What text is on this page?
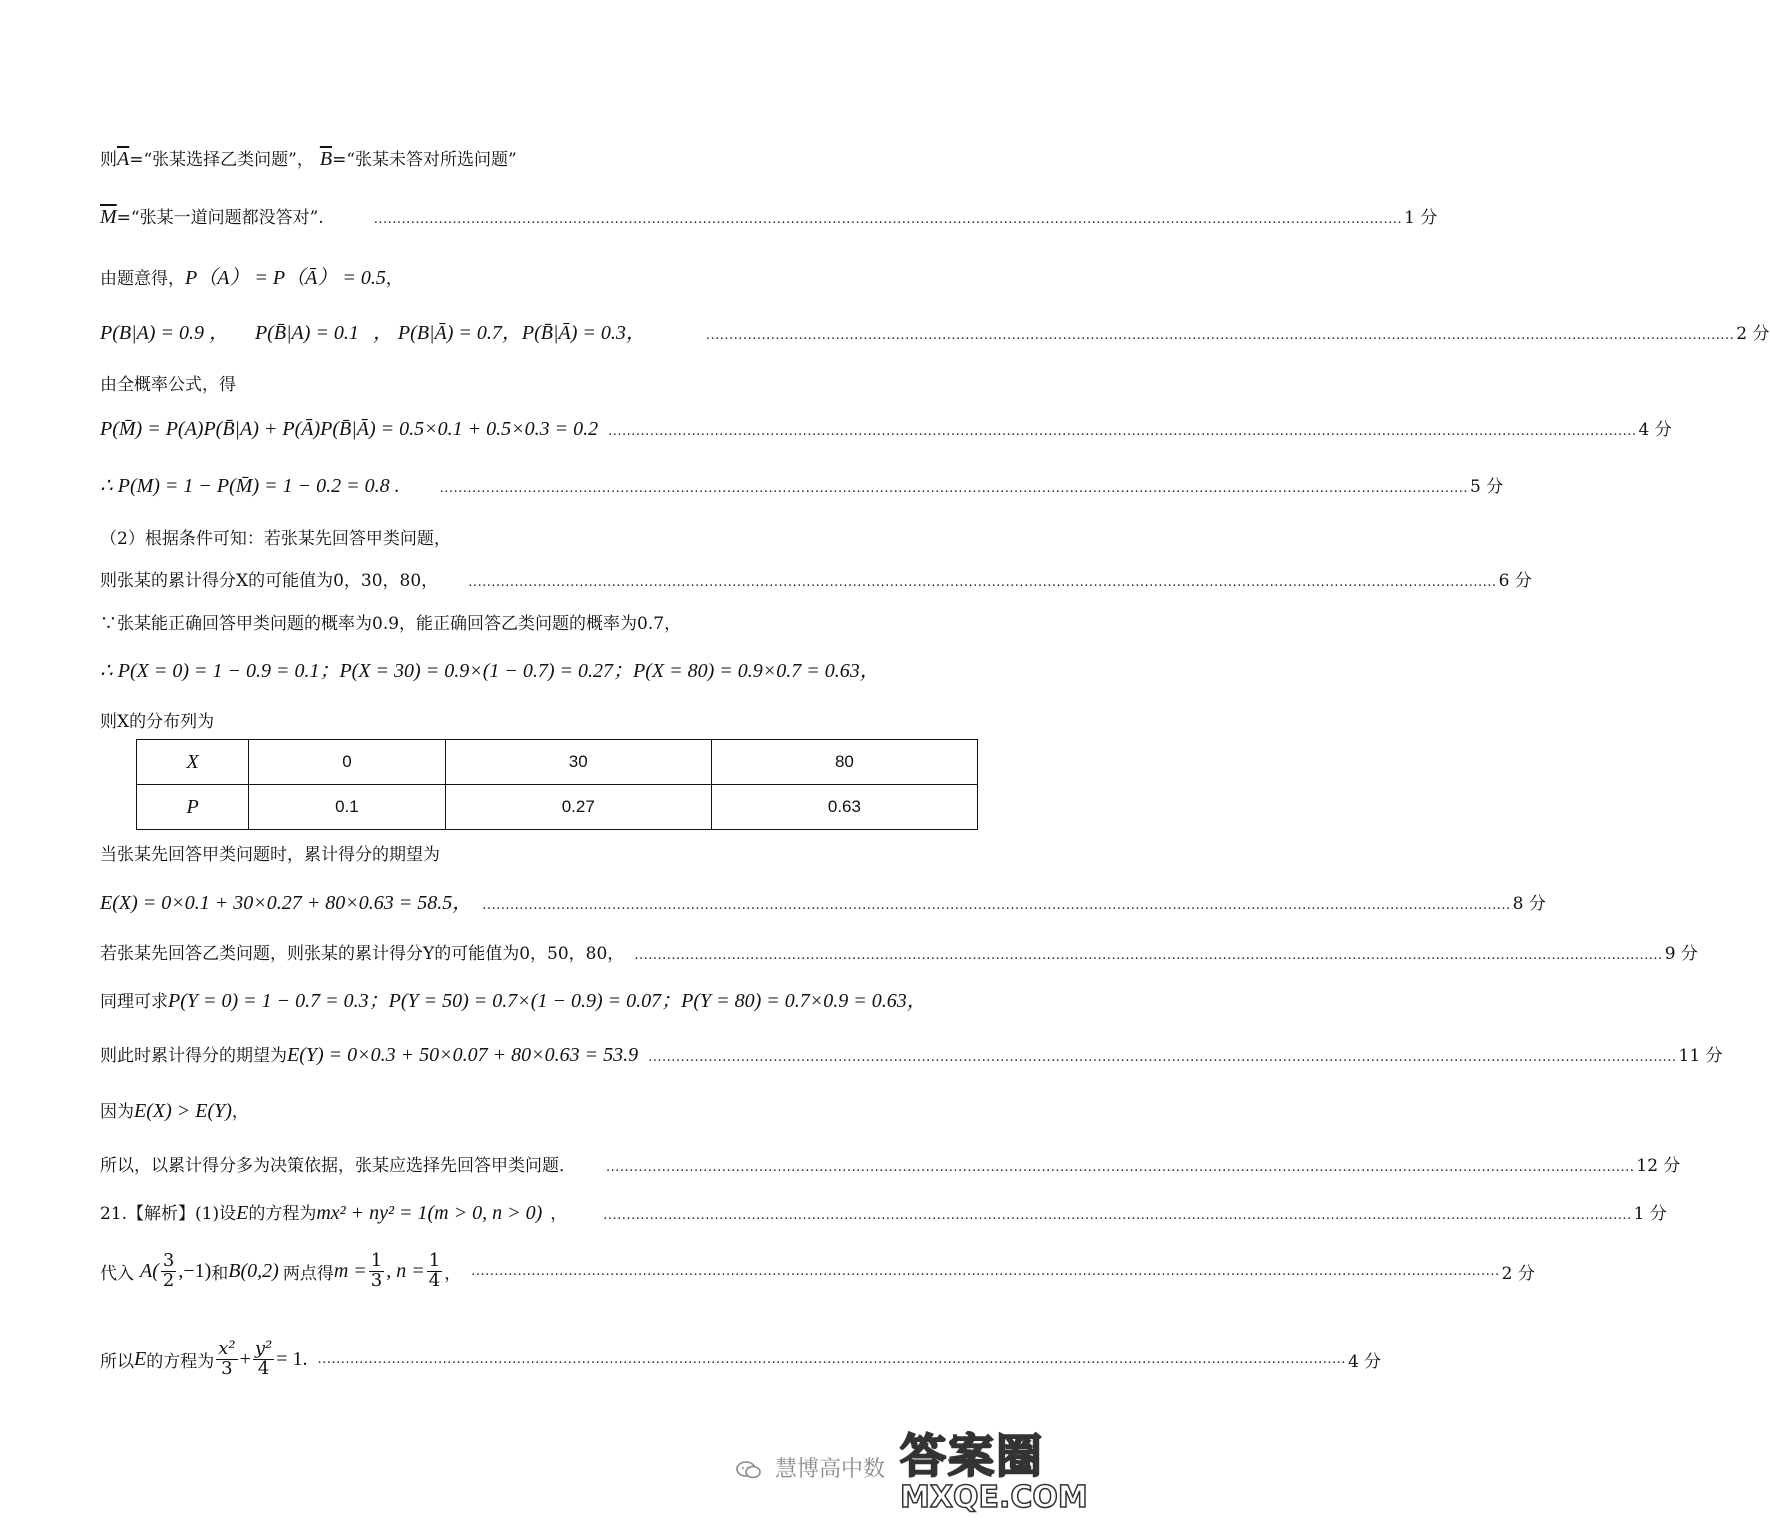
则 $\overline{A}$ =“张某选择乙类问题”， $\overline{B}$ =“张某未答对所选问题”
$\overline{M}$ =“张某一道问题都没答对”.	.............................................................................................................................................................................................................................. 1 分
由题意得， P（A） = P（Ā） = 0.5 ，
P(B|A) = 0.9 ， P(B̄|A) = 0.1 ， P(B|Ā) = 0.7，P(B̄|Ā) = 0.3，	.............................................................................................................................................................................................................................. 2 分
由全概率公式，得
P(M̄) = P(A)P(B̄|A) + P(Ā)P(B̄|Ā) = 0.5×0.1 + 0.5×0.3 = 0.2 .............................................................................................................................................................................................................................. 4 分
∴ P(M) = 1 − P(M̄) = 1 − 0.2 = 0.8 .	.............................................................................................................................................................................................................................. 5 分
（2）根据条件可知：若张某先回答甲类问题，
则张某的累计得分X的可能值为0，30，80， .............................................................................................................................................................................................................................. 6 分
∵张某能正确回答甲类问题的概率为0.9，能正确回答乙类问题的概率为0.7，
∴ P(X = 0) = 1 − 0.9 = 0.1；P(X = 30) = 0.9×(1 − 0.7) = 0.27；P(X = 80) = 0.9×0.7 = 0.63，
则X的分布列为
X	0	30	80
P	0.1	0.27	0.63
当张某先回答甲类问题时，累计得分的期望为
E(X) = 0×0.1 + 30×0.27 + 80×0.63 = 58.5， .............................................................................................................................................................................................................................. 8 分
若张某先回答乙类问题，则张某的累计得分Y的可能值为0，50，80， .............................................................................................................................................................................................................................. 9 分
同理可求 P(Y = 0) = 1 − 0.7 = 0.3；P(Y = 50) = 0.7×(1 − 0.9) = 0.07；P(Y = 80) = 0.7×0.9 = 0.63，
则此时累计得分的期望为 E(Y) = 0×0.3 + 50×0.07 + 80×0.63 = 53.9 .............................................................................................................................................................................................................................. 11 分
因为 E(X) > E(Y) ，
所以，以累计得分多为决策依据，张某应选择先回答甲类问题． .............................................................................................................................................................................................................................. 12 分
21.【解析】(1)设 E 的方程为 mx² + ny² = 1(m > 0, n > 0) ，	.............................................................................................................................................................................................................................. 1 分
代入 $A( \frac{3}{2} ,-1)$ 和 B(0,2) 两点得 $m = \frac{1}{3}$ , $n = \frac{1}{4}$ ， .............................................................................................................................................................................................................................. 2 分
所以 E 的方程为 $\frac{\text{x²}}{3} + \frac{\text{y²}}{4} = 1$. .............................................................................................................................................................................................................................. 4 分
慧博高中数 答案圈
MXQE.COM
